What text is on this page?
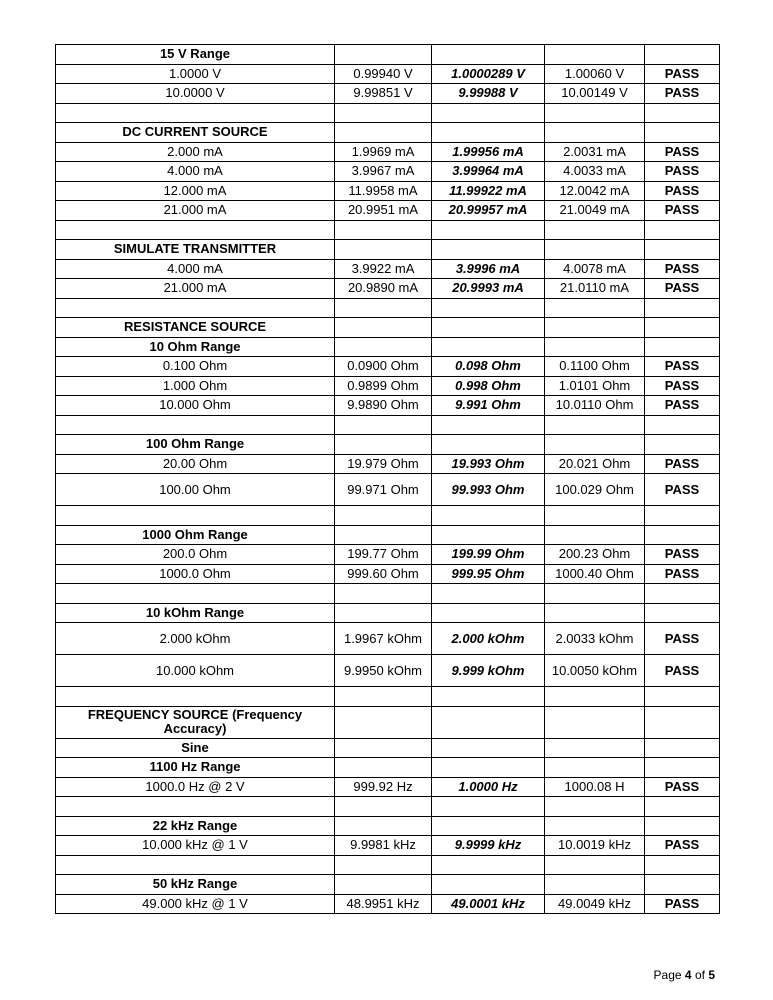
15 V Range				
1.0000 V	0.99940 V	1.0000289 V	1.00060 V	PASS
10.0000 V	9.99851 V	9.99988 V	10.00149 V	PASS

DC CURRENT SOURCE				
2.000 mA	1.9969 mA	1.99956 mA	2.0031 mA	PASS
4.000 mA	3.9967 mA	3.99964 mA	4.0033 mA	PASS
12.000 mA	11.9958 mA	11.99922 mA	12.0042 mA	PASS
21.000 mA	20.9951 mA	20.99957 mA	21.0049 mA	PASS

SIMULATE TRANSMITTER				
4.000 mA	3.9922 mA	3.9996 mA	4.0078 mA	PASS
21.000 mA	20.9890 mA	20.9993 mA	21.0110 mA	PASS

RESISTANCE SOURCE				
10 Ohm Range				
0.100 Ohm	0.0900 Ohm	0.098 Ohm	0.1100 Ohm	PASS
1.000 Ohm	0.9899 Ohm	0.998 Ohm	1.0101 Ohm	PASS
10.000 Ohm	9.9890 Ohm	9.991 Ohm	10.0110 Ohm	PASS

100 Ohm Range				
20.00 Ohm	19.979 Ohm	19.993 Ohm	20.021 Ohm	PASS
100.00 Ohm	99.971 Ohm	99.993 Ohm	100.029 Ohm	PASS

1000 Ohm Range				
200.0 Ohm	199.77 Ohm	199.99 Ohm	200.23 Ohm	PASS
1000.0 Ohm	999.60 Ohm	999.95 Ohm	1000.40 Ohm	PASS

10 kOhm Range				
2.000 kOhm	1.9967 kOhm	2.000 kOhm	2.0033 kOhm	PASS
10.000 kOhm	9.9950 kOhm	9.999 kOhm	10.0050 kOhm	PASS

FREQUENCY SOURCE (Frequency Accuracy)				
Sine				
1100 Hz Range				
1000.0 Hz @ 2 V	999.92 Hz	1.0000 Hz	1000.08 H	PASS

22 kHz Range				
10.000 kHz @ 1 V	9.9981 kHz	9.9999 kHz	10.0019 kHz	PASS

50 kHz Range				
49.000 kHz @ 1 V	48.9951 kHz	49.0001 kHz	49.0049 kHz	PASS
Page 4 of 5
